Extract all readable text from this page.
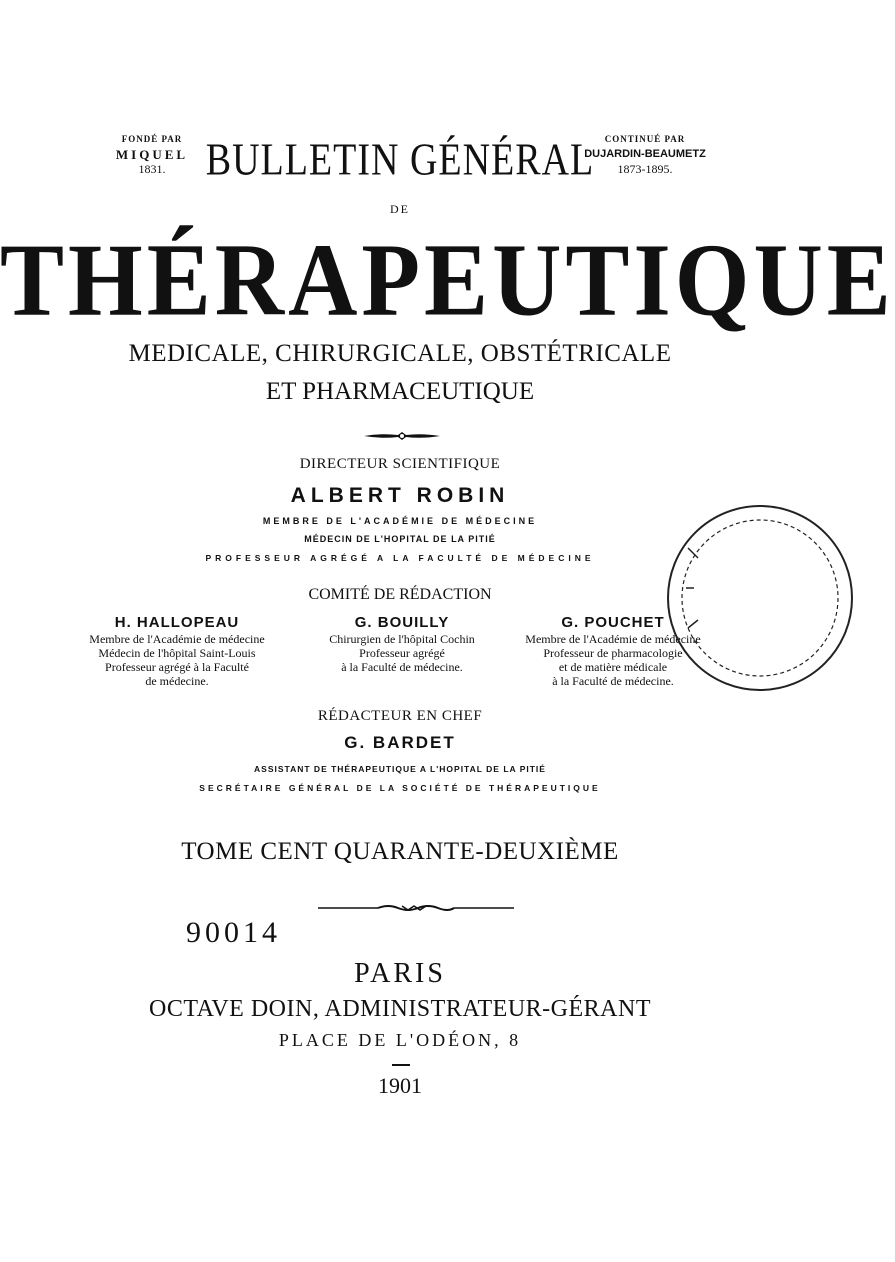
FONDÉ PAR
MIQUEL
1831.	BULLETIN GÉNÉRAL	CONTINUÉ PAR
DUJARDIN-BEAUMETZ
1873-1895.
DE
THÉRAPEUTIQUE
MEDICALE, CHIRURGICALE, OBSTÉTRICALE
ET PHARMACEUTIQUE
DIRECTEUR SCIENTIFIQUE
ALBERT ROBIN
MEMBRE DE L'ACADÉMIE DE MÉDECINE
MÉDECIN DE L'HOPITAL DE LA PITIÉ
PROFESSEUR AGRÉGÉ A LA FACULTÉ DE MÉDECINE
COMITÉ DE RÉDACTION
H. HALLOPEAU
Membre de l'Académie de médecine
Médecin de l'hôpital Saint-Louis
Professeur agrégé à la Faculté
de médecine.
G. BOUILLY
Chirurgien de l'hôpital Cochin
Professeur agrégé
à la Faculté de médecine.
G. POUCHET
Membre de l'Académie de médecine
Professeur de pharmacologie
et de matière médicale
à la Faculté de médecine.
RÉDACTEUR EN CHEF
G. BARDET
ASSISTANT DE THÉRAPEUTIQUE A L'HOPITAL DE LA PITIÉ
SECRÉTAIRE GÉNÉRAL DE LA SOCIÉTÉ DE THÉRAPEUTIQUE
TOME CENT QUARANTE-DEUXIÈME
90014
PARIS
OCTAVE DOIN, ADMINISTRATEUR-GÉRANT
PLACE DE L'ODÉON, 8
1901
